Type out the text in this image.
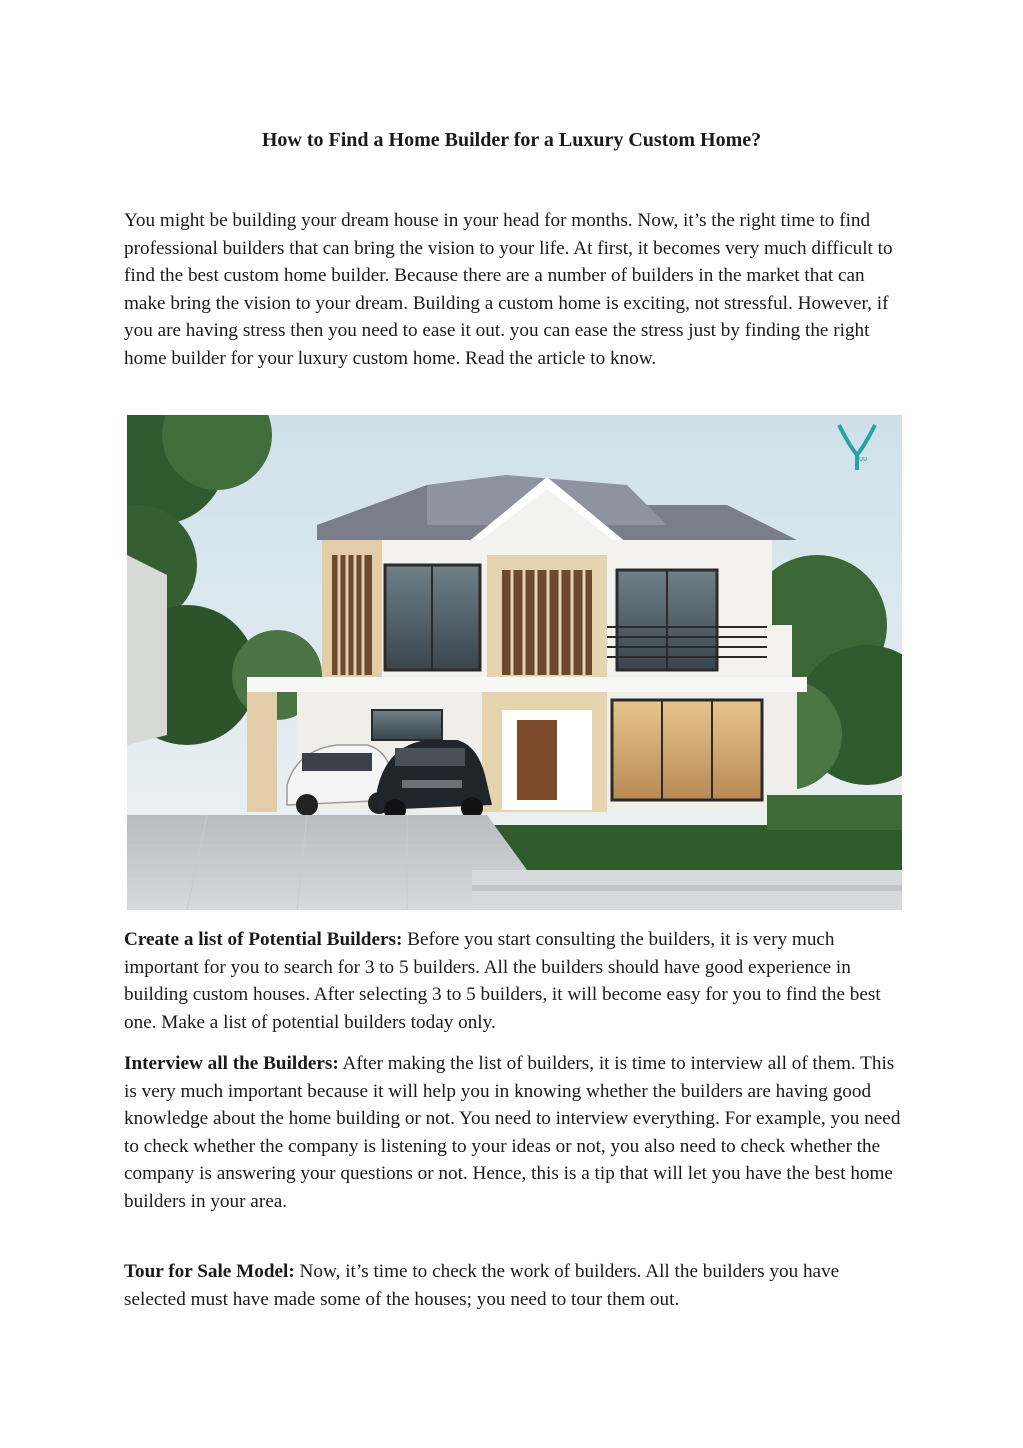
How to Find a Home Builder for a Luxury Custom Home?

You might be building your dream house in your head for months. Now, it’s the right time to find professional builders that can bring the vision to your life. At first, it becomes very much difficult to find the best custom home builder. Because there are a number of builders in the market that can make bring the vision to your dream. Building a custom home is exciting, not stressful. However, if you are having stress then you need to ease it out. you can ease the stress just by finding the right home builder for your luxury custom home. Read the article to know.

ᴜᴜ

Create a list of Potential Builders: Before you start consulting the builders, it is very much important for you to search for 3 to 5 builders. All the builders should have good experience in building custom houses. After selecting 3 to 5 builders, it will become easy for you to find the best one. Make a list of potential builders today only.

Interview all the Builders: After making the list of builders, it is time to interview all of them. This is very much important because it will help you in knowing whether the builders are having good knowledge about the home building or not. You need to interview everything. For example, you need to check whether the company is listening to your ideas or not, you also need to check whether the company is answering your questions or not. Hence, this is a tip that will let you have the best home builders in your area.

Tour for Sale Model: Now, it’s time to check the work of builders. All the builders you have selected must have made some of the houses; you need to tour them out.
